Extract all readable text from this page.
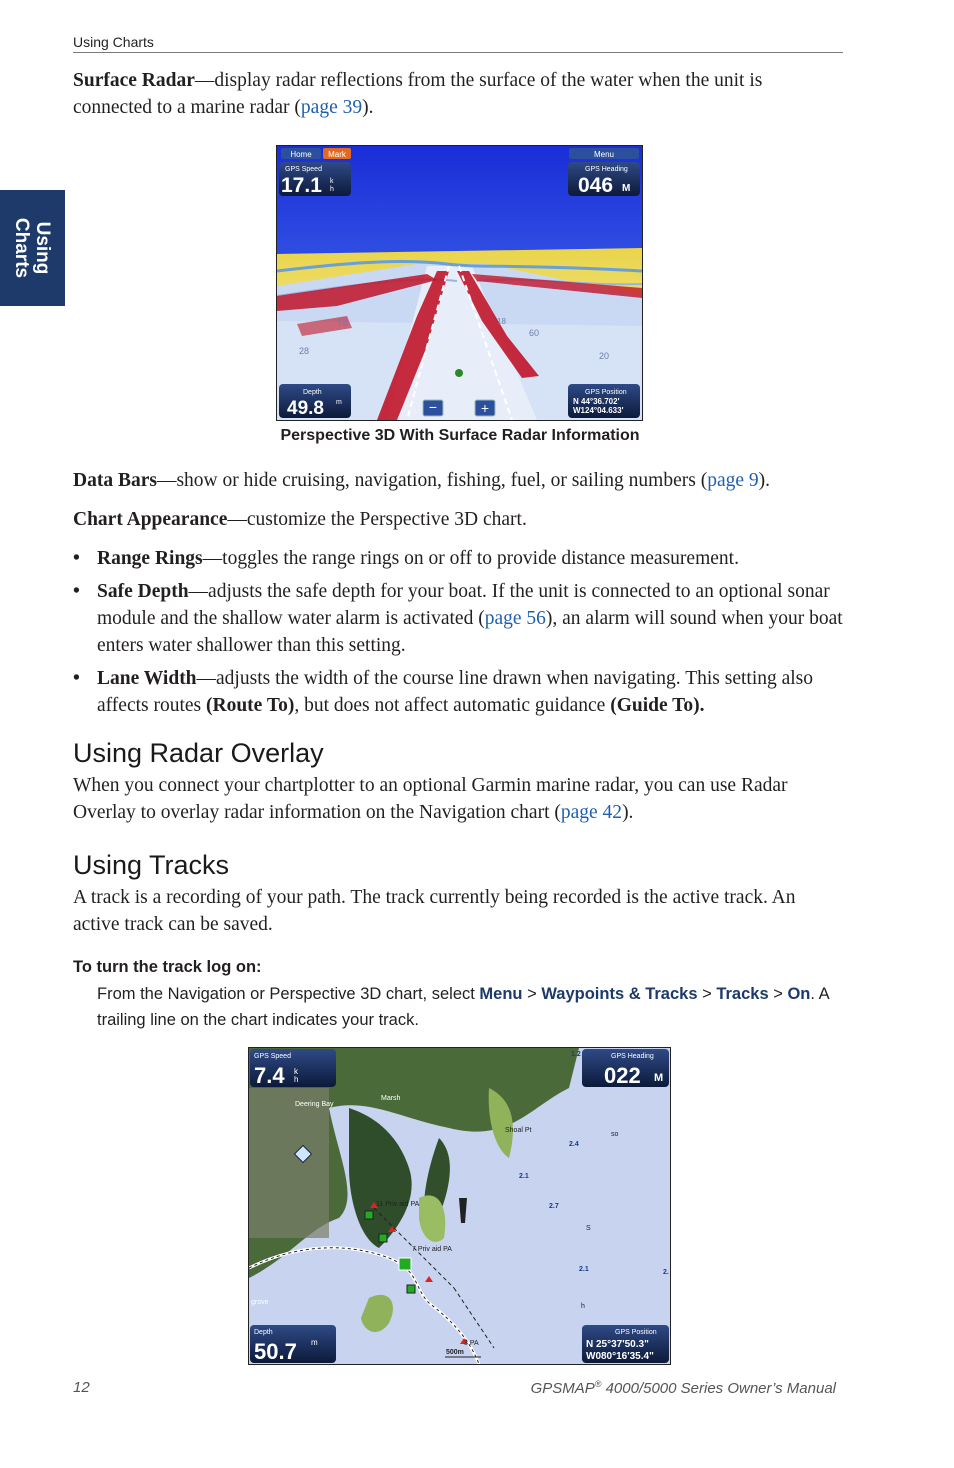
Using Charts
Using
Charts
Surface Radar—display radar reflections from the surface of the water when the unit is connected to a marine radar (page 39).
16
28	20
60
18
Home Mark	Menu
GPS Speed
17.1 k
h
GPS Heading
046 M
Depth
49.8 m	−	+
GPS Position
N 44°36.702'
W124°04.633'
Perspective 3D With Surface Radar Information
Data Bars—show or hide cruising, navigation, fishing, fuel, or sailing numbers (page 9).
Chart Appearance—customize the Perspective 3D chart.
• Range Rings—toggles the range rings on or off to provide distance measurement.
• Safe Depth—adjusts the safe depth for your boat. If the unit is connected to an optional sonar module and the shallow water alarm is activated (page 56), an alarm will sound when your boat enters water shallower than this setting.
• Lane Width—adjusts the width of the course line drawn when navigating. This setting also affects routes (Route To), but does not affect automatic guidance (Guide To).
Using Radar Overlay
When you connect your chartplotter to an optional Garmin marine radar, you can use Radar Overlay to overlay radar information on the Navigation chart (page 42).
Using Tracks
A track is a recording of your path. The track currently being recorded is the active track. An active track can be saved.
To turn the track log on:
From the Navigation or Perspective 3D chart, select Menu > Waypoints & Tracks > Tracks > On. A trailing line on the chart indicates your track.
Deering Bay
Marsh
Shoal Pt
11 Priv aid PA
7 Priv aid PA
3 PA
grove
1.2
2.4
2.1
2.7
2.1	2.
so
S
h
500m
GPS Speed
7.4 k
h
GPS Heading
022 M
Depth
50.7 m
GPS Position
N 25°37'50.3"
W080°16'35.4"
12	GPSMAP® 4000/5000 Series Owner’s Manual
